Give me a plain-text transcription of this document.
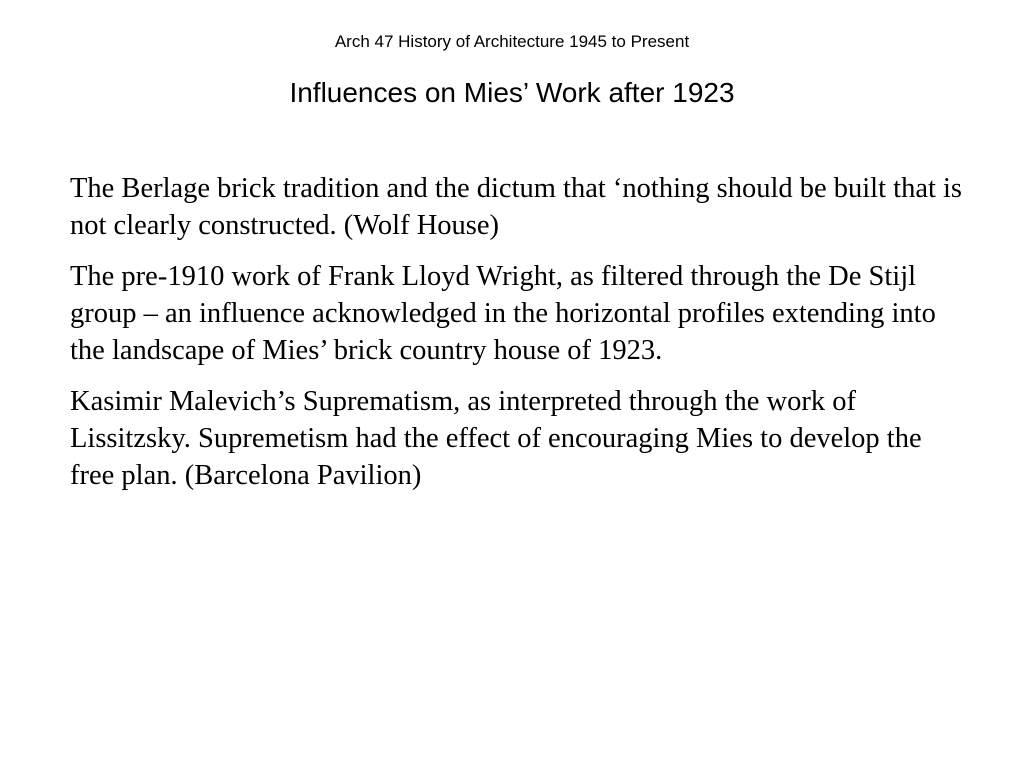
Arch 47 History of Architecture 1945 to Present
Influences on Mies’ Work after 1923

The Berlage brick tradition and the dictum that ‘nothing should be built that is not clearly constructed. (Wolf House)

The pre-1910 work of Frank Lloyd Wright, as filtered through the De Stijl group – an influence acknowledged in the horizontal profiles extending into the landscape of Mies’ brick country house of 1923.

Kasimir Malevich’s Suprematism, as interpreted through the work of Lissitzsky. Supremetism had the effect of encouraging Mies to develop the free plan. (Barcelona Pavilion)
